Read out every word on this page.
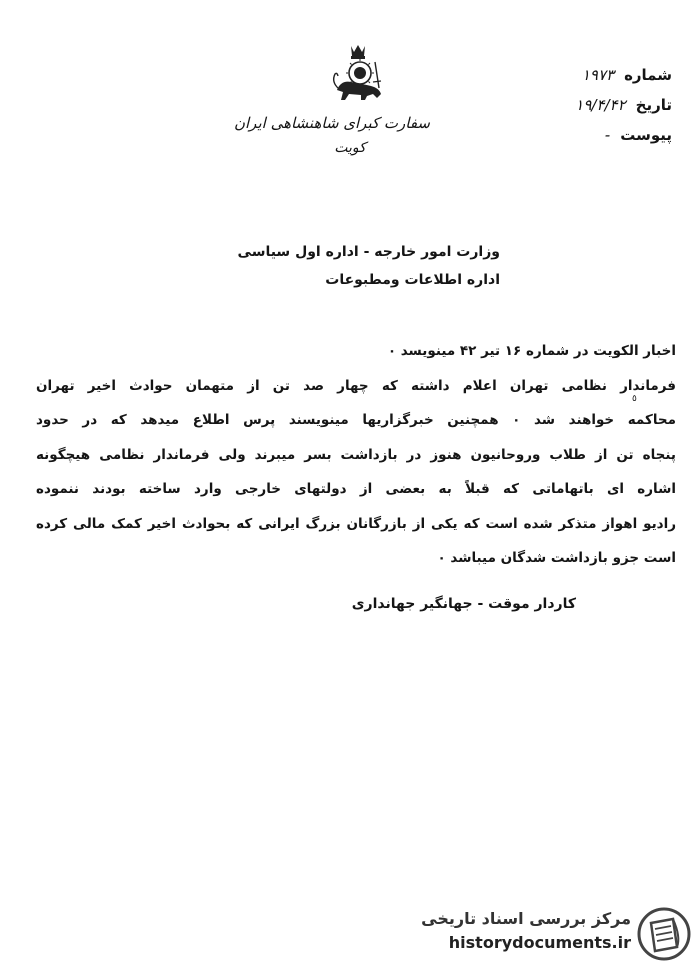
سفارت کبرای شاهنشاهی ایران
کویت
شماره
۱۹۷۳
تاریخ
۱۹/۴/۴۲
پیوست
-
وزارت امور خارجه - اداره اول سیاسی
اداره اطلاعات ومطبوعات
اخبار الکویت در شماره ۱۶ تیر ۴۲ مینویسد ٠
فرماندار نظامی تهران اعلام داشته که چهار صد تن از متهمان حوادث اخیر تهران
محاکمه خواهند شد ٠ همچنین خبرگزاریها مینویسند پرس اطلاع میدهد که در حدود
پنجاه تن از طلاب وروحانیون هنوز در بازداشت بسر میبرند ولی فرماندار نظامی هیچگونه
اشاره ای باتهاماتی که قبلاً به بعضی از دولتهای خارجی وارد ساخته بودند ننموده
رادیو اهواز متذکر شده است که یکی از بازرگانان بزرگ ایرانی که بحوادث اخیر کمک مالی کرده
است جزو بازداشت شدگان میباشد ٠
٥
کاردار موقت - جهانگیر جهانداری
مرکز بررسی اسناد تاریخی
historydocuments.ir
